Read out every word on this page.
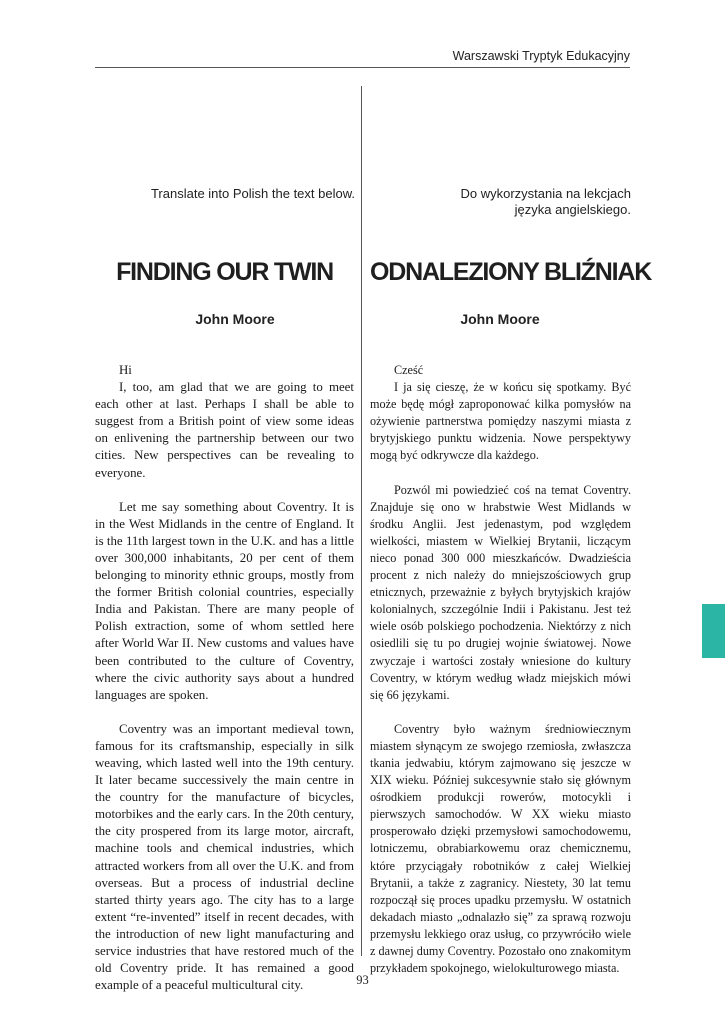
Warszawski Tryptyk Edukacyjny
Translate into Polish the text below.	Do wykorzystania na lekcjach
języka angielskiego.
FINDING OUR TWIN ODNALEZIONY BLIŹNIAK
John Moore	John Moore

Hi

I, too, am glad that we are going to meet each other at last. Perhaps I shall be able to suggest from a British point of view some ideas on enlivening the partnership between our two cities. New perspectives can be revealing to everyone.

Let me say something about Coventry. It is in the West Midlands in the centre of England. It is the 11th largest town in the U.K. and has a little over 300,000 inhabitants, 20 per cent of them belonging to minority ethnic groups, mostly from the former British colonial countries, especially India and Pakistan. There are many people of Polish extraction, some of whom settled here after World War II. New customs and values have been contributed to the culture of Coventry, where the civic authority says about a hundred languages are spoken.

Coventry was an important medieval town, famous for its craftsmanship, especially in silk weaving, which lasted well into the 19th century. It later became successively the main centre in the country for the manufacture of bicycles, motorbikes and the early cars. In the 20th century, the city prospered from its large motor, aircraft, machine tools and chemical industries, which attracted workers from all over the U.K. and from overseas. But a process of industrial decline started thirty years ago. The city has to a large extent “re-invented” itself in recent decades, with the introduction of new light manufacturing and service industries that have restored much of the old Coventry pride. It has remained a good example of a peaceful multicultural city.

Cześć

I ja się cieszę, że w końcu się spotkamy. Być może będę mógł zaproponować kilka pomysłów na ożywienie partnerstwa pomiędzy naszymi miasta z brytyjskiego punktu widzenia. Nowe perspektywy mogą być odkrywcze dla każdego.

Pozwól mi powiedzieć coś na temat Coventry. Znajduje się ono w hrabstwie West Midlands w środku Anglii. Jest jedenastym, pod względem wielkości, miastem w Wielkiej Brytanii, liczącym nieco ponad 300 000 mieszkańców. Dwadzieścia procent z nich należy do mniejszościowych grup etnicznych, przeważnie z byłych brytyjskich krajów kolonialnych, szczególnie Indii i Pakistanu. Jest też wiele osób polskiego pochodzenia. Niektórzy z nich osiedlili się tu po drugiej wojnie światowej. Nowe zwyczaje i wartości zostały wniesione do kultury Coventry, w którym według władz miejskich mówi się 66 językami.

Coventry było ważnym średniowiecznym miastem słynącym ze swojego rzemiosła, zwłaszcza tkania jedwabiu, którym zajmowano się jeszcze w XIX wieku. Później sukcesywnie stało się głównym ośrodkiem produkcji rowerów, motocykli i pierwszych samochodów. W XX wieku miasto prosperowało dzięki przemysłowi samochodowemu, lotniczemu, obrabiarkowemu oraz chemicznemu, które przyciągały robotników z całej Wielkiej Brytanii, a także z zagranicy. Niestety, 30 lat temu rozpoczął się proces upadku przemysłu. W ostatnich dekadach miasto „odnalazło się” za sprawą rozwoju przemysłu lekkiego oraz usług, co przywróciło wiele z dawnej dumy Coventry. Pozostało ono znakomitym przykładem spokojnego, wielokulturowego miasta.

93
